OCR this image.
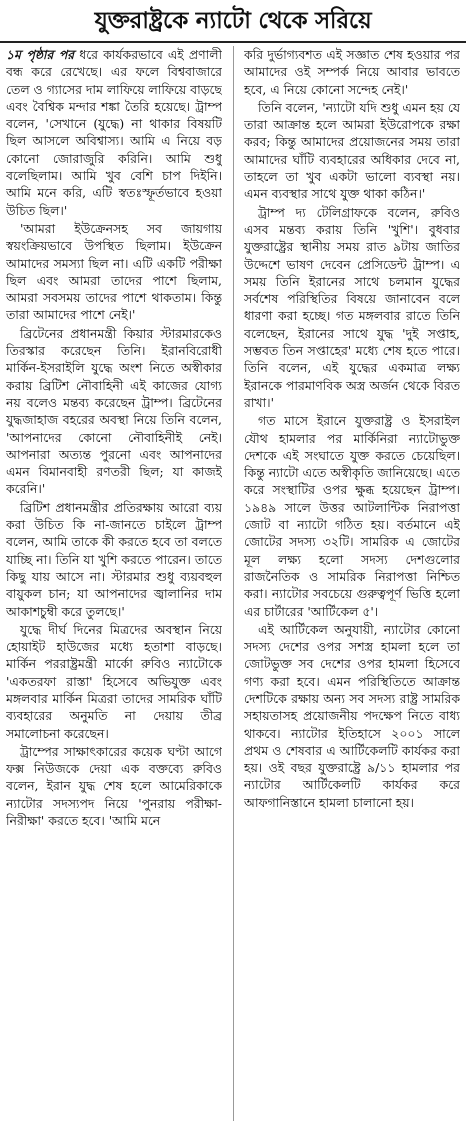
যুক্তরাষ্ট্রকে ন্যাটো থেকে সরিয়ে

১ম পৃষ্ঠার পর ধরে কার্যকরভাবে এই প্রণালী বন্ধ করে রেখেছে। এর ফলে বিশ্ববাজারে তেল ও গ্যাসের দাম লাফিয়ে লাফিয়ে বাড়ছে এবং বৈশ্বিক মন্দার শঙ্কা তৈরি হয়েছে। ট্রাম্প বলেন, 'সেখানে (যুদ্ধে) না থাকার বিষয়টি ছিল আসলে অবিশ্বাস্য। আমি এ নিয়ে বড় কোনো জোরাজুরি করিনি। আমি শুধু বলেছিলাম। আমি খুব বেশি চাপ দিইনি। আমি মনে করি, এটি স্বতঃস্ফূর্তভাবে হওয়া উচিত ছিল।'

'আমরা ইউক্রেনসহ সব জায়গায় স্বয়ংক্রিয়ভাবে উপস্থিত ছিলাম। ইউক্রেন আমাদের সমস্যা ছিল না। এটি একটি পরীক্ষা ছিল এবং আমরা তাদের পাশে ছিলাম, আমরা সবসময় তাদের পাশে থাকতাম। কিন্তু তারা আমাদের পাশে নেই।'

ব্রিটেনের প্রধানমন্ত্রী কিয়ার স্টারমারকেও তিরস্কার করেছেন তিনি। ইরানবিরোধী মার্কিন-ইসরাইলি যুদ্ধে অংশ নিতে অস্বীকার করায় ব্রিটিশ নৌবাহিনী এই কাজের যোগ্য নয় বলেও মন্তব্য করেছেন ট্রাম্প। ব্রিটেনের যুদ্ধজাহাজ বহরের অবস্থা নিয়ে তিনি বলেন, 'আপনাদের কোনো নৌবাহিনীই নেই। আপনারা অত্যন্ত পুরনো এবং আপনাদের এমন বিমানবাহী রণতরী ছিল; যা কাজই করেনি।'

ব্রিটিশ প্রধানমন্ত্রীর প্রতিরক্ষায় আরো ব্যয় করা উচিত কি না-জানতে চাইলে ট্রাম্প বলেন, আমি তাকে কী করতে হবে তা বলতে যাচ্ছি না। তিনি যা খুশি করতে পারেন। তাতে কিছু যায় আসে না। স্টারমার শুধু ব্যয়বহুল বায়ুকল চান; যা আপনাদের জ্বালানির দাম আকাশচুম্বী করে তুলছে।'

যুদ্ধে দীর্ঘ দিনের মিত্রদের অবস্থান নিয়ে হোয়াইট হাউজের মধ্যে হতাশা বাড়ছে। মার্কিন পররাষ্ট্রমন্ত্রী মার্কো রুবিও ন্যাটোকে 'একতরফা রাস্তা' হিসেবে অভিযুক্ত এবং মঙ্গলবার মার্কিন মিত্ররা তাদের সামরিক ঘাঁটি ব্যবহারের অনুমতি না দেয়ায় তীব্র সমালোচনা করেছেন।

ট্রাম্পের সাক্ষাৎকারের কয়েক ঘণ্টা আগে ফক্স নিউজকে দেয়া এক বক্তব্যে রুবিও বলেন, ইরান যুদ্ধ শেষ হলে আমেরিকাকে ন্যাটোর সদস্যপদ নিয়ে 'পুনরায় পরীক্ষা-নিরীক্ষা' করতে হবে। 'আমি মনে

করি দুর্ভাগ্যবশত এই সজ্ঞাত শেষ হওয়ার পর আমাদের ওই সম্পর্ক নিয়ে আবার ভাবতে হবে, এ নিয়ে কোনো সন্দেহ নেই।'

তিনি বলেন, 'ন্যাটো যদি শুধু এমন হয় যে তারা আক্রান্ত হলে আমরা ইউরোপকে রক্ষা করব; কিন্তু আমাদের প্রয়োজনের সময় তারা আমাদের ঘাঁটি ব্যবহারের অধিকার দেবে না, তাহলে তা খুব একটা ভালো ব্যবস্থা নয়। এমন ব্যবস্থার সাথে যুক্ত থাকা কঠিন।'

ট্রাম্প দ্য টেলিগ্রাফকে বলেন, রুবিও এসব মন্তব্য করায় তিনি 'খুশি'। বুধবার যুক্তরাষ্ট্রের স্থানীয় সময় রাত ৯টায় জাতির উদ্দেশে ভাষণ দেবেন প্রেসিডেন্ট ট্রাম্প। এ সময় তিনি ইরানের সাথে চলমান যুদ্ধের সর্বশেষ পরিস্থিতির বিষয়ে জানাবেন বলে ধারণা করা হচ্ছে। গত মঙ্গলবার রাতে তিনি বলেছেন, ইরানের সাথে যুদ্ধ 'দুই সপ্তাহ, সম্ভবত তিন সপ্তাহের' মধ্যে শেষ হতে পারে। তিনি বলেন, এই যুদ্ধের একমাত্র লক্ষ্য ইরানকে পারমাণবিক অস্ত্র অর্জন থেকে বিরত রাখা।'

গত মাসে ইরানে যুক্তরাষ্ট্র ও ইসরাইল যৌথ হামলার পর মার্কিনিরা ন্যাটোভুক্ত দেশকে এই সংঘাতে যুক্ত করতে চেয়েছিল। কিন্তু ন্যাটো এতে অস্বীকৃতি জানিয়েছে। এতে করে সংস্থাটির ওপর ক্ষুব্ধ হয়েছেন ট্রাম্প। ১৯৪৯ সালে উত্তর আটলান্টিক নিরাপত্তা জোট বা ন্যাটো গঠিত হয়। বর্তমানে এই জোটের সদস্য ৩২টি। সামরিক এ জোটের মূল লক্ষ্য হলো সদস্য দেশগুলোর রাজনৈতিক ও সামরিক নিরাপত্তা নিশ্চিত করা। ন্যাটোর সবচেয়ে গুরুত্বপূর্ণ ভিত্তি হলো এর চার্টারের 'আর্টিকেল ৫'।

এই আর্টিকেল অনুযায়ী, ন্যাটোর কোনো সদস্য দেশের ওপর সশস্ত্র হামলা হলে তা জোটভুক্ত সব দেশের ওপর হামলা হিসেবে গণ্য করা হবে। এমন পরিস্থিতিতে আক্রান্ত দেশটিকে রক্ষায় অন্য সব সদস্য রাষ্ট্র সামরিক সহায়তাসহ প্রয়োজনীয় পদক্ষেপ নিতে বাধ্য থাকবে। ন্যাটোর ইতিহাসে ২০০১ সালে প্রথম ও শেষবার এ আর্টিকেলটি কার্যকর করা হয়। ওই বছর যুক্তরাষ্ট্রে ৯/১১ হামলার পর ন্যাটোর আর্টিকেলটি কার্যকর করে আফগানিস্তানে হামলা চালানো হয়।
